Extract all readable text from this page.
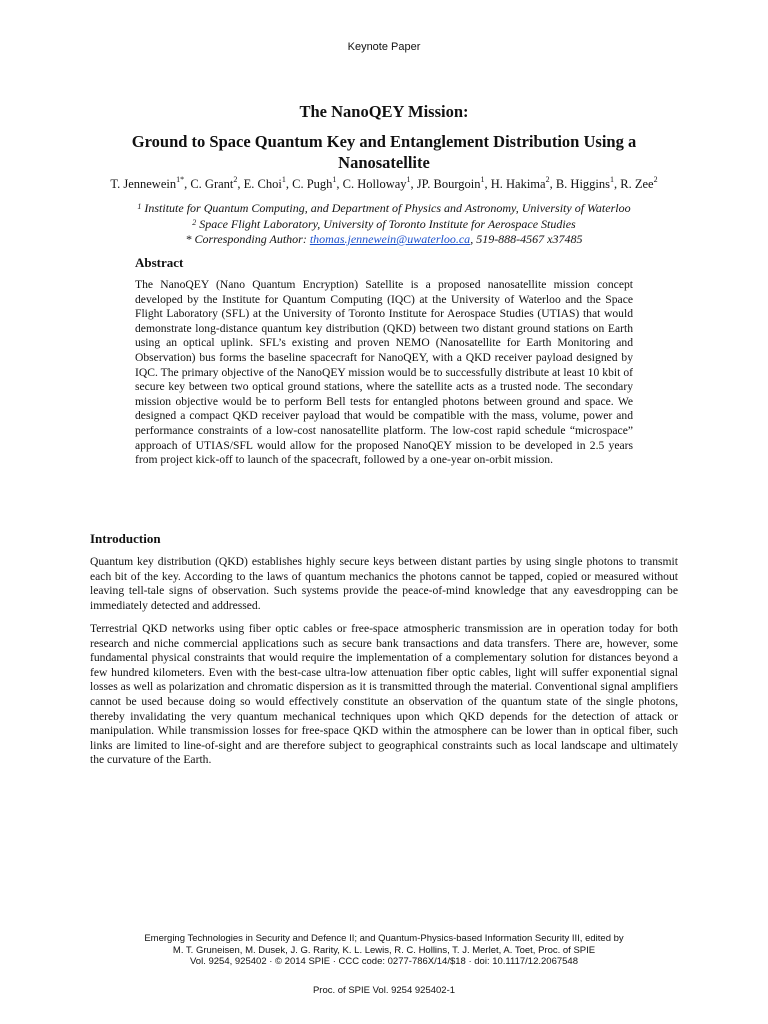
Keynote Paper
The NanoQEY Mission:
Ground to Space Quantum Key and Entanglement Distribution Using a Nanosatellite
T. Jennewein$^{1*}$, C. Grant$^2$, E. Choi$^1$, C. Pugh$^1$, C. Holloway$^1$, JP. Bourgoin$^1$, H. Hakima$^2$, B. Higgins$^1$, R. Zee$^2$
$^1$ Institute for Quantum Computing, and Department of Physics and Astronomy, University of Waterloo
$^2$ Space Flight Laboratory, University of Toronto Institute for Aerospace Studies
* Corresponding Author: thomas.jennewein@uwaterloo.ca, 519-888-4567 x37485
Abstract
The NanoQEY (Nano Quantum Encryption) Satellite is a proposed nanosatellite mission concept developed by the Institute for Quantum Computing (IQC) at the University of Waterloo and the Space Flight Laboratory (SFL) at the University of Toronto Institute for Aerospace Studies (UTIAS) that would demonstrate long-distance quantum key distribution (QKD) between two distant ground stations on Earth using an optical uplink. SFL’s existing and proven NEMO (Nanosatellite for Earth Monitoring and Observation) bus forms the baseline spacecraft for NanoQEY, with a QKD receiver payload designed by IQC. The primary objective of the NanoQEY mission would be to successfully distribute at least 10 kbit of secure key between two optical ground stations, where the satellite acts as a trusted node. The secondary mission objective would be to perform Bell tests for entangled photons between ground and space. We designed a compact QKD receiver payload that would be compatible with the mass, volume, power and performance constraints of a low-cost nanosatellite platform. The low-cost rapid schedule “microspace” approach of UTIAS/SFL would allow for the proposed NanoQEY mission to be developed in 2.5 years from project kick-off to launch of the spacecraft, followed by a one-year on-orbit mission.
Introduction
Quantum key distribution (QKD) establishes highly secure keys between distant parties by using single photons to transmit each bit of the key. According to the laws of quantum mechanics the photons cannot be tapped, copied or measured without leaving tell-tale signs of observation. Such systems provide the peace-of-mind knowledge that any eavesdropping can be immediately detected and addressed.
Terrestrial QKD networks using fiber optic cables or free-space atmospheric transmission are in operation today for both research and niche commercial applications such as secure bank transactions and data transfers. There are, however, some fundamental physical constraints that would require the implementation of a complementary solution for distances beyond a few hundred kilometers. Even with the best-case ultra-low attenuation fiber optic cables, light will suffer exponential signal losses as well as polarization and chromatic dispersion as it is transmitted through the material. Conventional signal amplifiers cannot be used because doing so would effectively constitute an observation of the quantum state of the single photons, thereby invalidating the very quantum mechanical techniques upon which QKD depends for the detection of attack or manipulation. While transmission losses for free-space QKD within the atmosphere can be lower than in optical fiber, such links are limited to line-of-sight and are therefore subject to geographical constraints such as local landscape and ultimately the curvature of the Earth.
Emerging Technologies in Security and Defence II; and Quantum-Physics-based Information Security III, edited by
M. T. Gruneisen, M. Dusek, J. G. Rarity, K. L. Lewis, R. C. Hollins, T. J. Merlet, A. Toet, Proc. of SPIE
Vol. 9254, 925402 · © 2014 SPIE · CCC code: 0277-786X/14/$18 · doi: 10.1117/12.2067548
Proc. of SPIE Vol. 9254 925402-1
